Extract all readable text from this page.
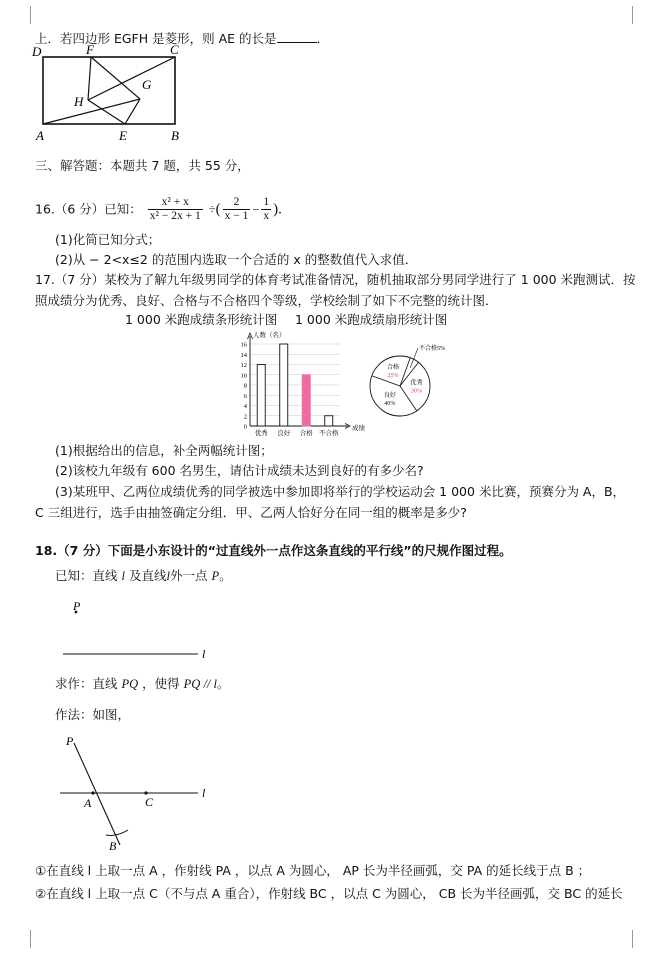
上．若四边形 EGFH 是菱形，则 AE 的长是	．
D	F	C
H
G
A	E	B
三、解答题：本题共 7 题，共 55 分，
16.（6 分）已知： $\frac{\text{x² + x}}{\text{x² − 2x + 1}}$ ÷( $\frac{2}{x - 1} - \frac{1}{x}$ ).
(1)化简已知分式；
(2)从 − 2<x≤2 的范围内选取一个合适的 x 的整数值代入求值．
17.（7 分）某校为了解九年级男同学的体育考试准备情况，随机抽取部分男同学进行了 1 000 米跑测试．按
照成绩分为优秀、良好、合格与不合格四个等级，学校绘制了如下不完整的统计图．
1 000 米跑成绩条形统计图 1 000 米跑成绩扇形统计图
0
2
4
6
8
10
12
14
16
人数（名）
成绩
优秀 良好 合格 不合格
不合格5%
优秀
30%
良好
40%
合格
25%
(1)根据给出的信息，补全两幅统计图；
(2)该校九年级有 600 名男生，请估计成绩未达到良好的有多少名?
(3)某班甲、乙两位成绩优秀的同学被选中参加即将举行的学校运动会 1 000 米比赛，预赛分为 A，B，
C 三组进行，选手由抽签确定分组．甲、乙两人恰好分在同一组的概率是多少?
18.（7 分）下面是小东设计的“过直线外一点作这条直线的平行线”的尺规作图过程。
已知：直线 l 及直线l外一点 P。
P
l
求作：直线 PQ ，使得 PQ // l。
作法：如图，
l
P
A	C
B
①在直线 l 上取一点 A ，作射线 PA ，以点 A 为圆心， AP 长为半径画弧，交 PA 的延长线于点 B ；
②在直线 l 上取一点 C（不与点 A 重合），作射线 BC ，以点 C 为圆心， CB 长为半径画弧，交 BC 的延长
